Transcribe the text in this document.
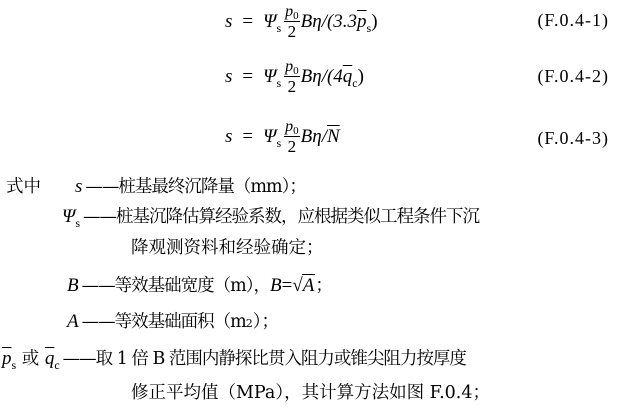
$s = \Psi_s \frac{p0}{2} B\eta/(3.3$ $\overline{p}_s$ )	(F.0.4-1)
$s = \Psi_s \frac{p0}{2} B\eta/(4$ $\overline{q}_c$ )	(F.0.4-2)
$s = \Psi_s \frac{p0}{2} B\eta/$ $\overline{N}$	(F.0.4-3)
式中 s ——桩基最终沉降量（mm）；
$\Psi_s$ ——桩基沉降估算经验系数，应根据类似工程条件下沉
降观测资料和经验确定；
B ——等效基础宽度（m）， B = √A ；
A ——等效基础面积（m 2 ）；
$\overline{p}_s$ 或 $\overline{q}_c$ ——取 1 倍 B 范围内静探比贯入阻力或锥尖阻力按厚度
修正平均值（MPa），其计算方法如图 F.0.4；
